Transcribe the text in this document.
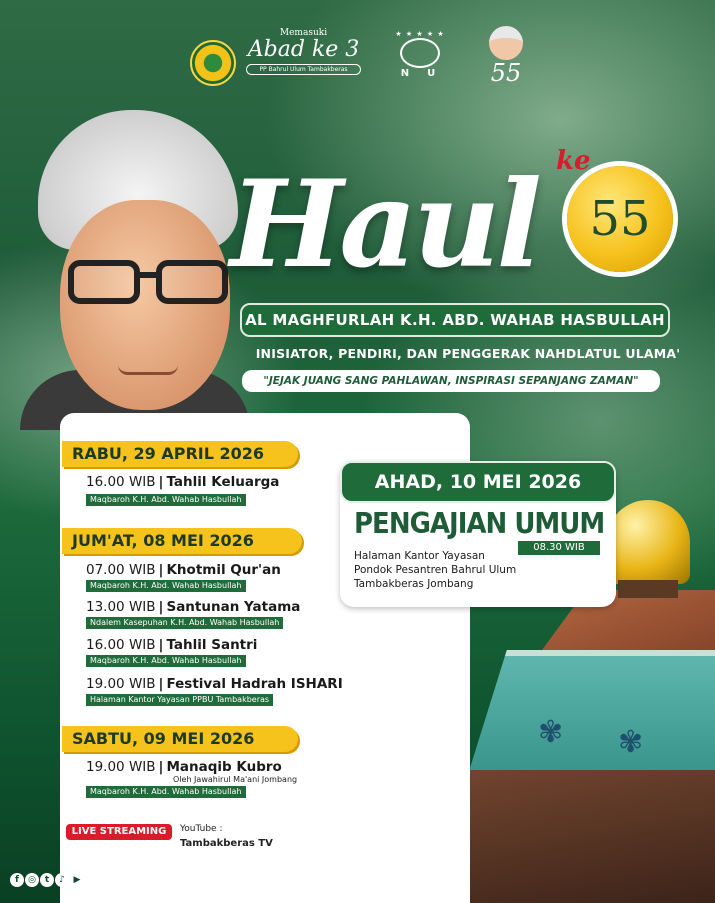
Memasuki
Abad ke 3
PP Bahrul Ulum Tambakberas
★ ★ ★ ★ ★
NU	55
Haul ke
55
AL MAGHFURLAH K.H. ABD. WAHAB HASBULLAH
INISIATOR, PENDIRI, DAN PENGGERAK NAHDLATUL ULAMA'
"JEJAK JUANG SANG PAHLAWAN, INSPIRASI SEPANJANG ZAMAN"
✾ ✾
RABU, 29 APRIL 2026
16.00 WIB | Tahlil Keluarga
Maqbaroh K.H. Abd. Wahab Hasbullah
JUM'AT, 08 MEI 2026
07.00 WIB | Khotmil Qur'an
Maqbaroh K.H. Abd. Wahab Hasbullah
13.00 WIB | Santunan Yatama
Ndalem Kasepuhan K.H. Abd. Wahab Hasbullah
16.00 WIB | Tahlil Santri
Maqbaroh K.H. Abd. Wahab Hasbullah
19.00 WIB | Festival Hadrah ISHARI
Halaman Kantor Yayasan PPBU Tambakberas
SABTU, 09 MEI 2026
19.00 WIB | Manaqib Kubro
Oleh Jawahirul Ma'ani Jombang
Maqbaroh K.H. Abd. Wahab Hasbullah
AHAD, 10 MEI 2026
PENGAJIAN UMUM
08.30 WIB
Halaman Kantor Yayasan
Pondok Pesantren Bahrul Ulum
Tambakberas Jombang
LIVE STREAMING	YouTube :
Tambakberas TV
f	◎ t	♪ ▶ Tambakberas TV www.tambakberas.com
